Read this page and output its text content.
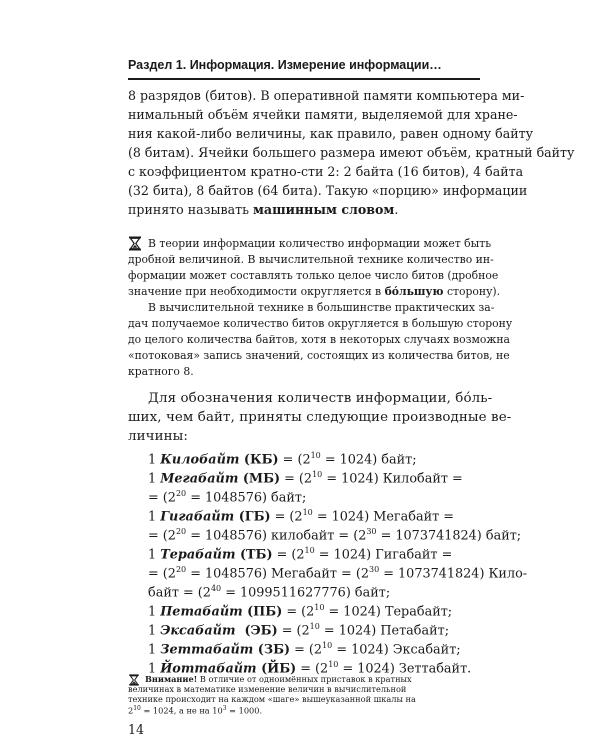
Раздел 1. Информация. Измерение информации…
8 разрядов (битов). В оперативной памяти компьютера ми-
нимальный объём ячейки памяти, выделяемой для хране-
ния какой-либо величины, как правило, равен одному байту
(8 битам). Ячейки большего размера имеют объём, кратный байту
с коэффициентом кратно-сти 2: 2 байта (16 битов), 4 байта
(32 бита), 8 байтов (64 бита). Такую «порцию» информации
принято называть машинным словом.
В теории информации количество информации может быть
дробной величиной. В вычислительной технике количество ин-
формации может составлять только целое число битов (дробное
значение при необходимости округляется в бо́льшую сторону).
В вычислительной технике в большинстве практических за-
дач получаемое количество битов округляется в большую сторону
до целого количества байтов, хотя в некоторых случаях возможна
«потоковая» запись значений, состоящих из количества битов, не
кратного 8.
Для обозначения количеств информации, бо́ль-
ших, чем байт, приняты следующие производные ве-
личины:
1 Килобайт $(КБ) = (2^{10} = 1024)$ байт;
1 Мегабайт $(МБ) = (2^{10} = 1024)$ Килобайт =
= $(2^{20} = 1048576)$ байт;
1 Гигабайт $(ГБ) = (2^{10} = 1024)$ Мегабайт =
= $(2^{20} = 1048576)$ килобайт = $(2^{30} = 1073741824)$ байт;
1 Терабайт $(ТБ) = (2^{10} = 1024)$ Гигабайт =
= $(2^{20} = 1048576)$ Мегабайт = $(2^{30} = 1073741824)$ Кило-
байт = $(2^{40} = 1099511627776)$ байт;
1 Петабайт $(ПБ) = (2^{10} = 1024)$ Терабайт;
1 Эксабайт  $(ЭБ) = (2^{10} = 1024)$ Петабайт;
1 Зеттабайт $(ЗБ) = (2^{10} = 1024)$ Эксабайт;
1 Йоттабайт $(ЙБ) = (2^{10} = 1024)$ Зеттабайт.
Внимание! В отличие от одноимённых приставок в кратных
величинах в математике изменение величин в вычислительной
технике происходит на каждом «шаге» вышеуказанной шкалы на
$2^{10} = 1024$, а не на $10^3 = 1000$.
14
